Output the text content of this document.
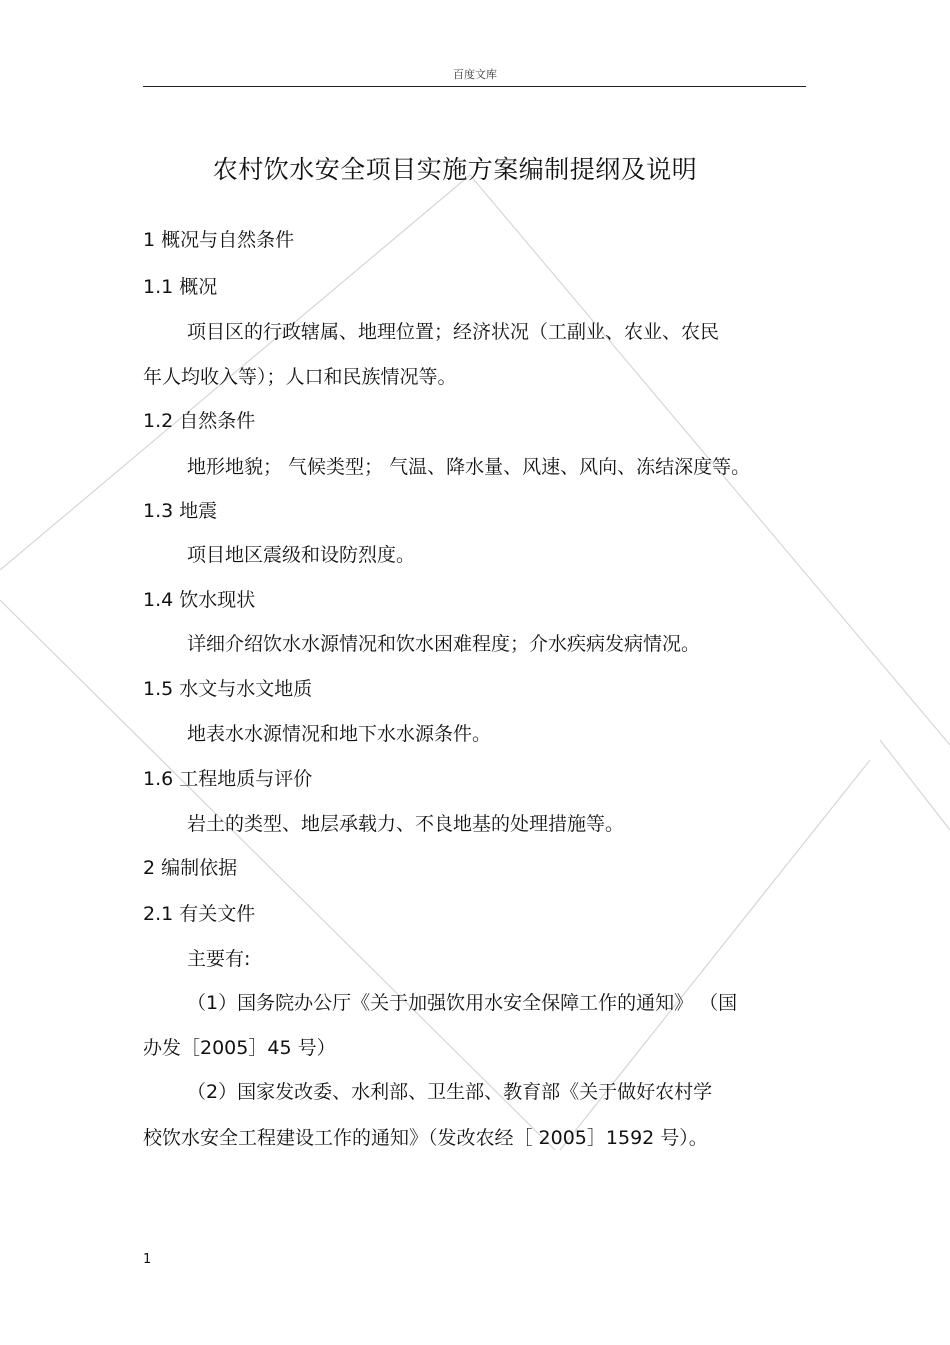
百度文库
农村饮水安全项目实施方案编制提纲及说明
1 概况与自然条件
1.1 概况
项目区的行政辖属、地理位置；经济状况（工副业、农业、农民
年人均收入等）；人口和民族情况等。
1.2 自然条件
地形地貌； 气候类型； 气温、降水量、风速、风向、冻结深度等。
1.3 地震
项目地区震级和设防烈度。
1.4 饮水现状
详细介绍饮水水源情况和饮水困难程度；介水疾病发病情况。
1.5 水文与水文地质
地表水水源情况和地下水水源条件。
1.6 工程地质与评价
岩土的类型、地层承载力、不良地基的处理措施等。
2 编制依据
2.1 有关文件
主要有:
（1）国务院办公厅《关于加强饮用水安全保障工作的通知》 （国
办发［2005］45 号）
（2）国家发改委、水利部、卫生部、教育部《关于做好农村学
校饮水安全工程建设工作的通知》（发改农经［ 2005］1592 号）。
1
